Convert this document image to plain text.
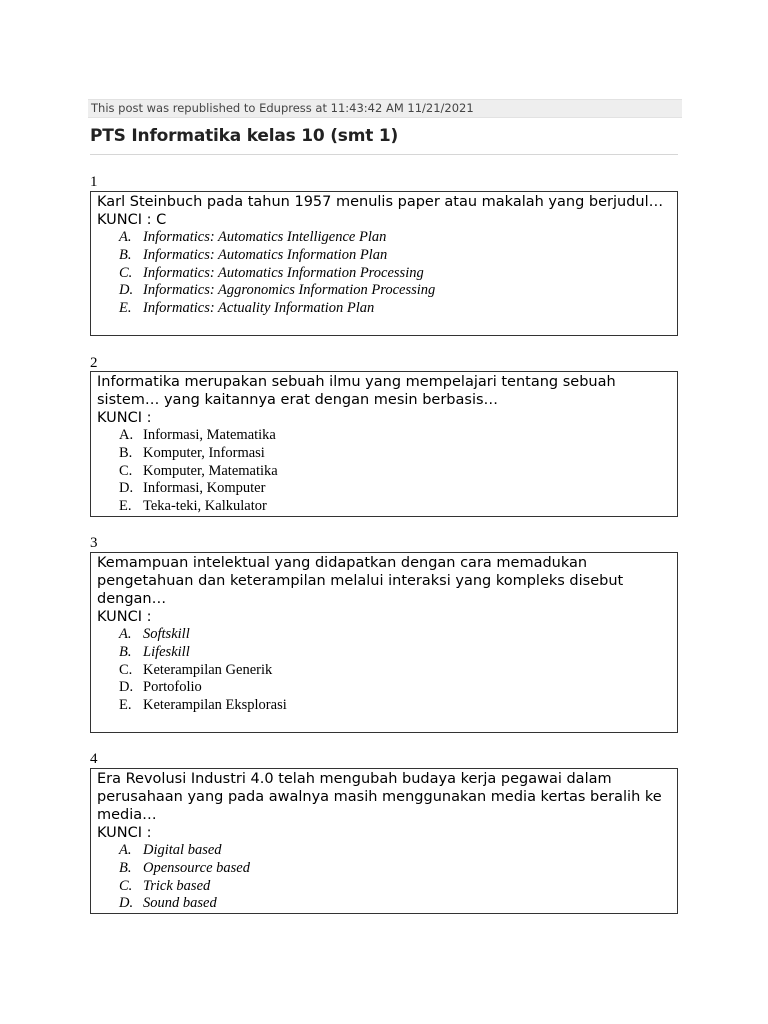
This post was republished to Edupress at 11:43:42 AM 11/21/2021
PTS Informatika kelas 10 (smt 1)
1

Karl Steinbuch pada tahun 1957 menulis paper atau makalah yang berjudul…

KUNCI : C
A. Informatics: Automatics Intelligence Plan
B. Informatics: Automatics Information Plan
C. Informatics: Automatics Information Processing
D. Informatics: Aggronomics Information Processing
E. Informatics: Actuality Information Plan
2

Informatika merupakan sebuah ilmu yang mempelajari tentang sebuah sistem… yang kaitannya erat dengan mesin berbasis…

KUNCI :
A. Informasi, Matematika
B. Komputer, Informasi
C. Komputer, Matematika
D. Informasi, Komputer
E. Teka-teki, Kalkulator
3

Kemampuan intelektual yang didapatkan dengan cara memadukan pengetahuan dan keterampilan melalui interaksi yang kompleks disebut dengan…

KUNCI :
A. Softskill
B. Lifeskill
C. Keterampilan Generik
D. Portofolio
E. Keterampilan Eksplorasi
4

Era Revolusi Industri 4.0 telah mengubah budaya kerja pegawai dalam perusahaan yang pada awalnya masih menggunakan media kertas beralih ke media…

KUNCI :
A. Digital based
B. Opensource based
C. Trick based
D. Sound based
